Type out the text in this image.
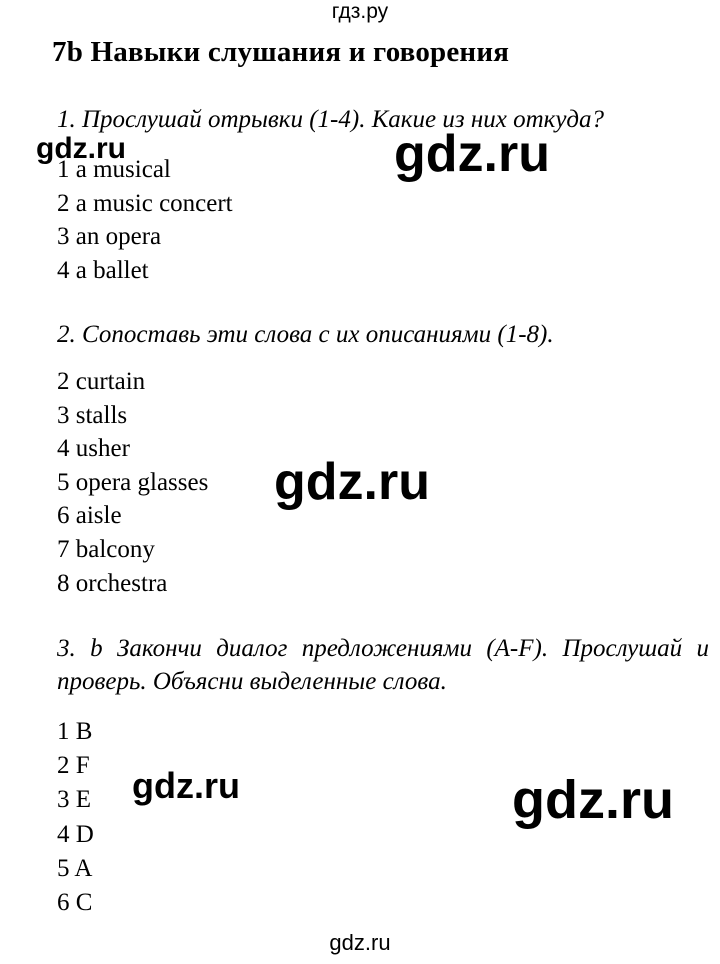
гдз.ру
7b Навыки слушания и говорения
1. Прослушай отрывки (1-4). Какие из них откуда?
1 a musical
2 a music concert
3 an opera
4 a ballet
2. Сопоставь эти слова с их описаниями (1-8).
2 curtain
3 stalls
4 usher
5 opera glasses
6 aisle
7 balcony
8 orchestra
3. b Закончи диалог предложениями (A-F). Прослушай и проверь. Объясни выделенные слова.
1 B
2 F
3 E
4 D
5 A
6 C
gdz.ru	gdz.ru
gdz.ru
gdz.ru	gdz.ru
gdz.ru
